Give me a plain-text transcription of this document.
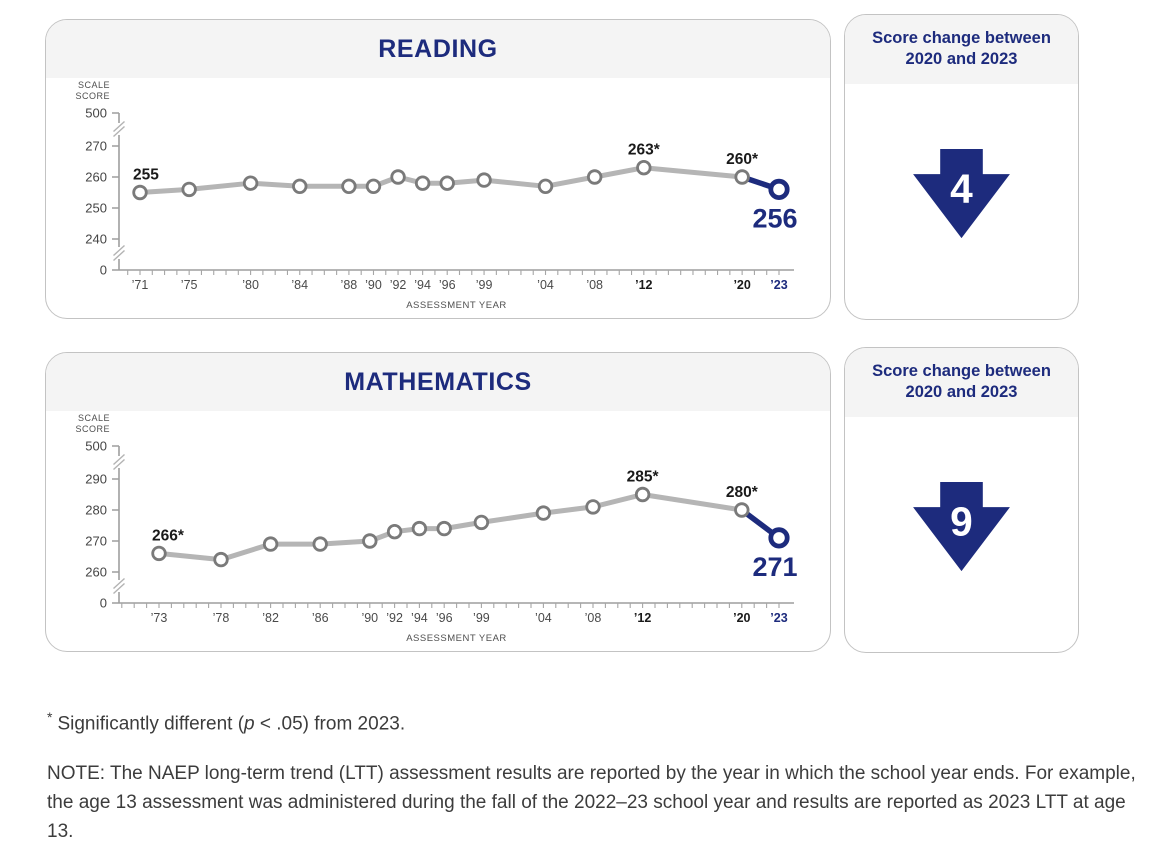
READING
500
270
260
250
240
0
SCALE
SCORE
’71	’75	’80	’84	’88 ’90 ’92 ’94 ’96 ’99	’04	’08	’12	’20 ’23
ASSESSMENT YEAR
255
263*
260*
256
Score change between
2020 and 2023
4
MATHEMATICS
500
290
280
270
260
0
SCALE
SCORE
’73	’78	’82	’86	’90 ’92 ’94 ’96 ’99	’04	’08	’12	’20 ’23
ASSESSMENT YEAR
266*
285*
280*
271
Score change between
2020 and 2023
9

* Significantly different (p < .05) from 2023.

NOTE: The NAEP long-term trend (LTT) assessment results are reported by the year in which the school year ends. For example, the age 13 assessment was administered during the fall of the 2022–23 school year and results are reported as 2023 LTT at age 13.
